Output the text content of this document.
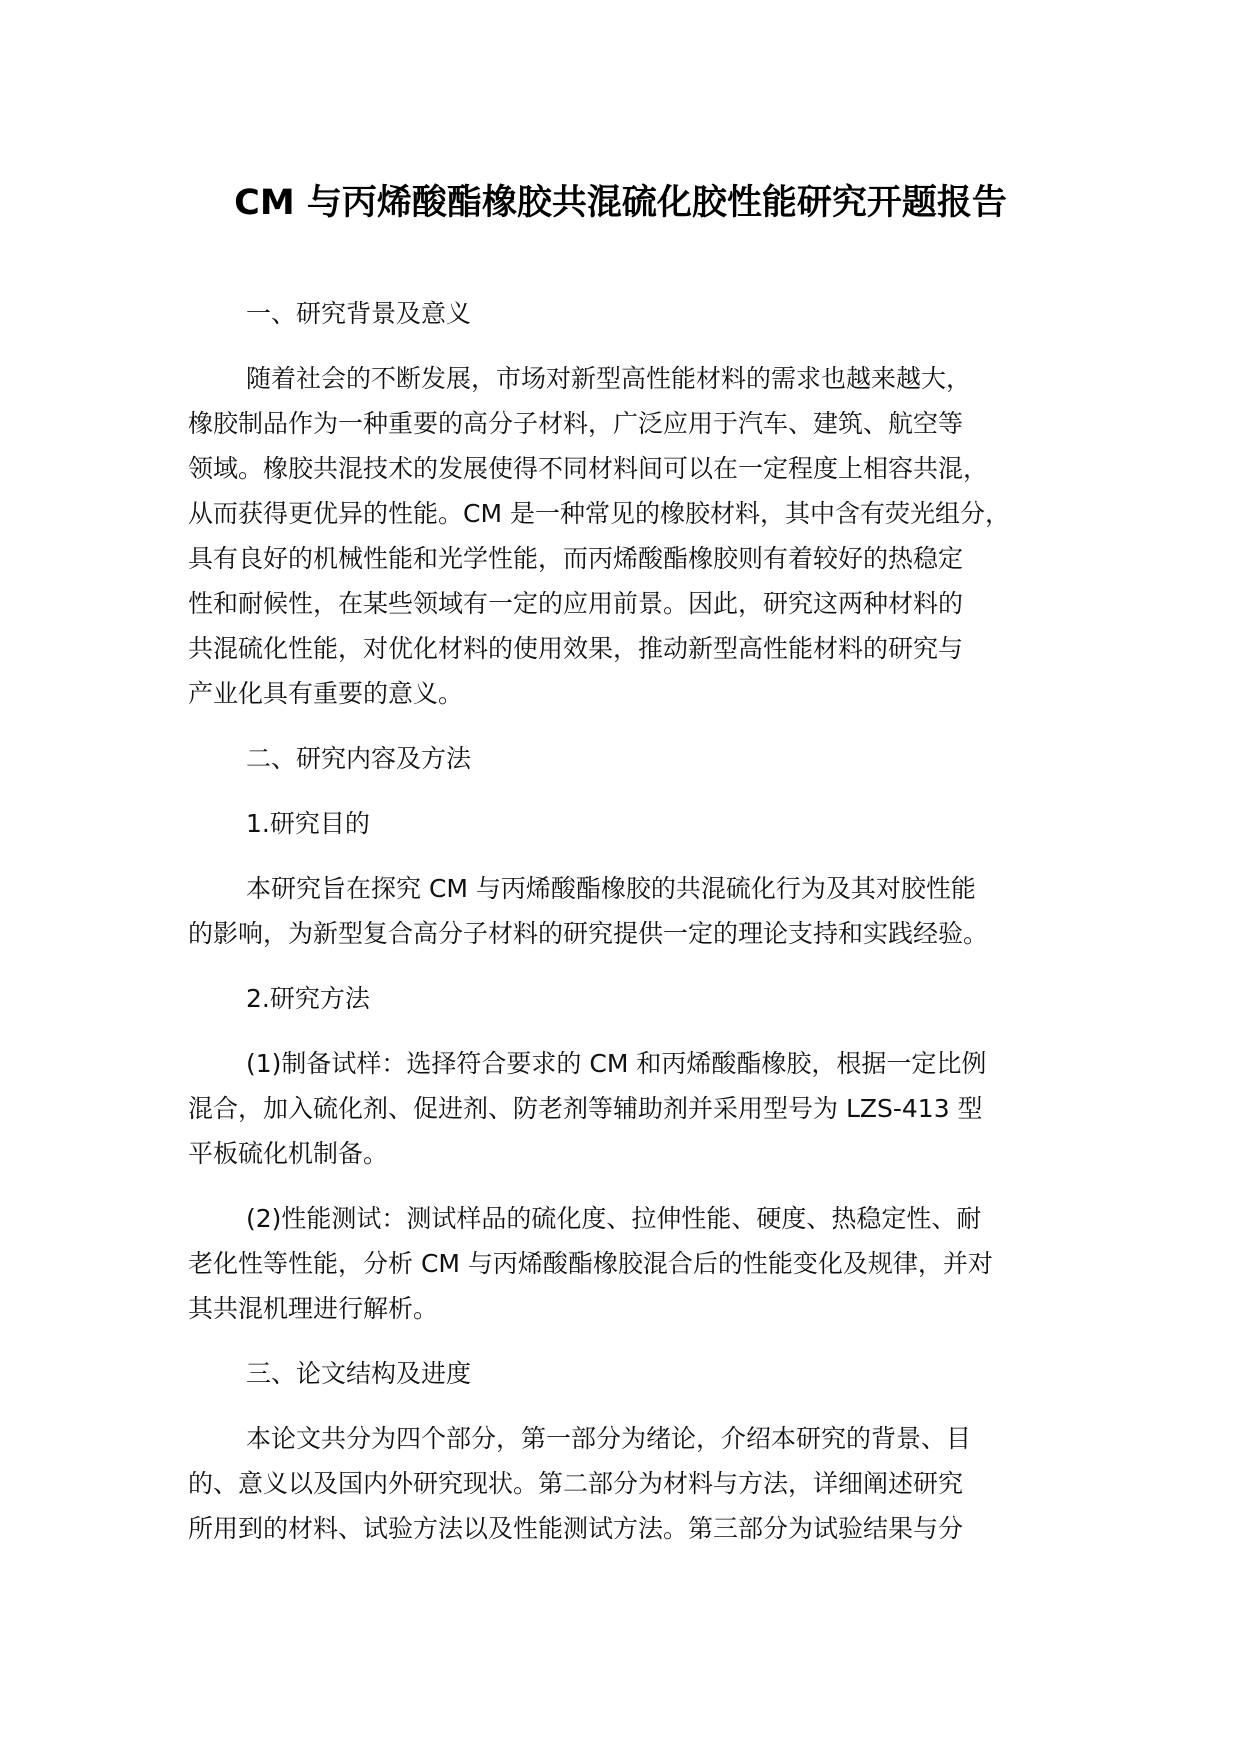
CM 与丙烯酸酯橡胶共混硫化胶性能研究开题报告
一、研究背景及意义
随着社会的不断发展，市场对新型高性能材料的需求也越来越大，
橡胶制品作为一种重要的高分子材料，广泛应用于汽车、建筑、航空等
领域。橡胶共混技术的发展使得不同材料间可以在一定程度上相容共混，
从而获得更优异的性能。CM 是一种常见的橡胶材料，其中含有荧光组分，
具有良好的机械性能和光学性能，而丙烯酸酯橡胶则有着较好的热稳定
性和耐候性，在某些领域有一定的应用前景。因此，研究这两种材料的
共混硫化性能，对优化材料的使用效果，推动新型高性能材料的研究与
产业化具有重要的意义。
二、研究内容及方法
1.研究目的
本研究旨在探究 CM 与丙烯酸酯橡胶的共混硫化行为及其对胶性能
的影响，为新型复合高分子材料的研究提供一定的理论支持和实践经验。
2.研究方法
(1)制备试样：选择符合要求的 CM 和丙烯酸酯橡胶，根据一定比例
混合，加入硫化剂、促进剂、防老剂等辅助剂并采用型号为 LZS-413 型
平板硫化机制备。
(2)性能测试：测试样品的硫化度、拉伸性能、硬度、热稳定性、耐
老化性等性能，分析 CM 与丙烯酸酯橡胶混合后的性能变化及规律，并对
其共混机理进行解析。
三、论文结构及进度
本论文共分为四个部分，第一部分为绪论，介绍本研究的背景、目
的、意义以及国内外研究现状。第二部分为材料与方法，详细阐述研究
所用到的材料、试验方法以及性能测试方法。第三部分为试验结果与分
